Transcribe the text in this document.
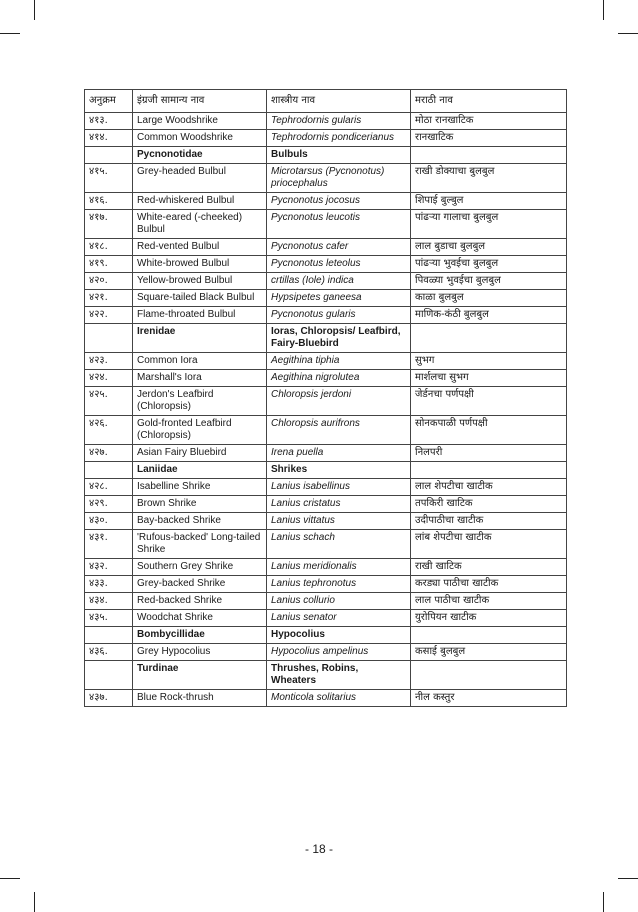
अनुक्रम	इंग्रजी सामान्य नाव	शास्त्रीय नाव	मराठी नाव
४१३.	Large Woodshrike	Tephrodornis gularis	मोठा रानखाटिक
४१४.	Common Woodshrike	Tephrodornis pondicerianus	रानखाटिक
	Pycnonotidae	Bulbuls	
४१५.	Grey-headed Bulbul	Microtarsus (Pycnonotus) priocephalus	राखी डोक्याचा बुलबुल
४१६.	Red-whiskered Bulbul	Pycnonotus jocosus	शिपाई बुल्बुल
४१७.	White-eared (-cheeked) Bulbul	Pycnonotus leucotis	पांढऱ्या गालाचा बुलबुल
४१८.	Red-vented Bulbul	Pycnonotus cafer	लाल बुडाचा बुलबुल
४१९.	White-browed Bulbul	Pycnonotus leteolus	पांढऱ्या भुवईचा बुलबुल
४२०.	Yellow-browed Bulbul	crtillas (Iole) indica	पिवळ्या भुवईचा बुलबुल
४२१.	Square-tailed Black Bulbul	Hypsipetes ganeesa	काळा बुलबुल
४२२.	Flame-throated Bulbul	Pycnonotus gularis	माणिक-कंठी बुलबुल
	Irenidae	Ioras, Chloropsis/ Leafbird, Fairy-Bluebird	
४२३.	Common Iora	Aegithina tiphia	सुभग
४२४.	Marshall's Iora	Aegithina nigrolutea	मार्शलचा सुभग
४२५.	Jerdon's Leafbird (Chloropsis)	Chloropsis jerdoni	जेर्डनचा पर्णपक्षी
४२६.	Gold-fronted Leafbird (Chloropsis)	Chloropsis aurifrons	सोनकपाळी पर्णपक्षी
४२७.	Asian Fairy Bluebird	Irena puella	निलपरी
	Laniidae	Shrikes	
४२८.	Isabelline Shrike	Lanius isabellinus	लाल शेपटीचा खाटीक
४२९.	Brown Shrike	Lanius cristatus	तपकिरी खाटिक
४३०.	Bay-backed Shrike	Lanius vittatus	उदीपाठीचा खाटीक
४३१.	'Rufous-backed' Long-tailed Shrike	Lanius schach	लांब शेपटीचा खाटीक
४३२.	Southern Grey Shrike	Lanius meridionalis	राखी खाटिक
४३३.	Grey-backed Shrike	Lanius tephronotus	करड्या पाठीचा खाटीक
४३४.	Red-backed Shrike	Lanius collurio	लाल पाठीचा खाटीक
४३५.	Woodchat Shrike	Lanius senator	युरोपियन खाटीक
	Bombycillidae	Hypocolius	
४३६.	Grey Hypocolius	Hypocolius ampelinus	कसाई बुलबुल
	Turdinae	Thrushes, Robins, Wheaters	
४३७.	Blue Rock-thrush	Monticola solitarius	नील कस्तुर
- 18 -
